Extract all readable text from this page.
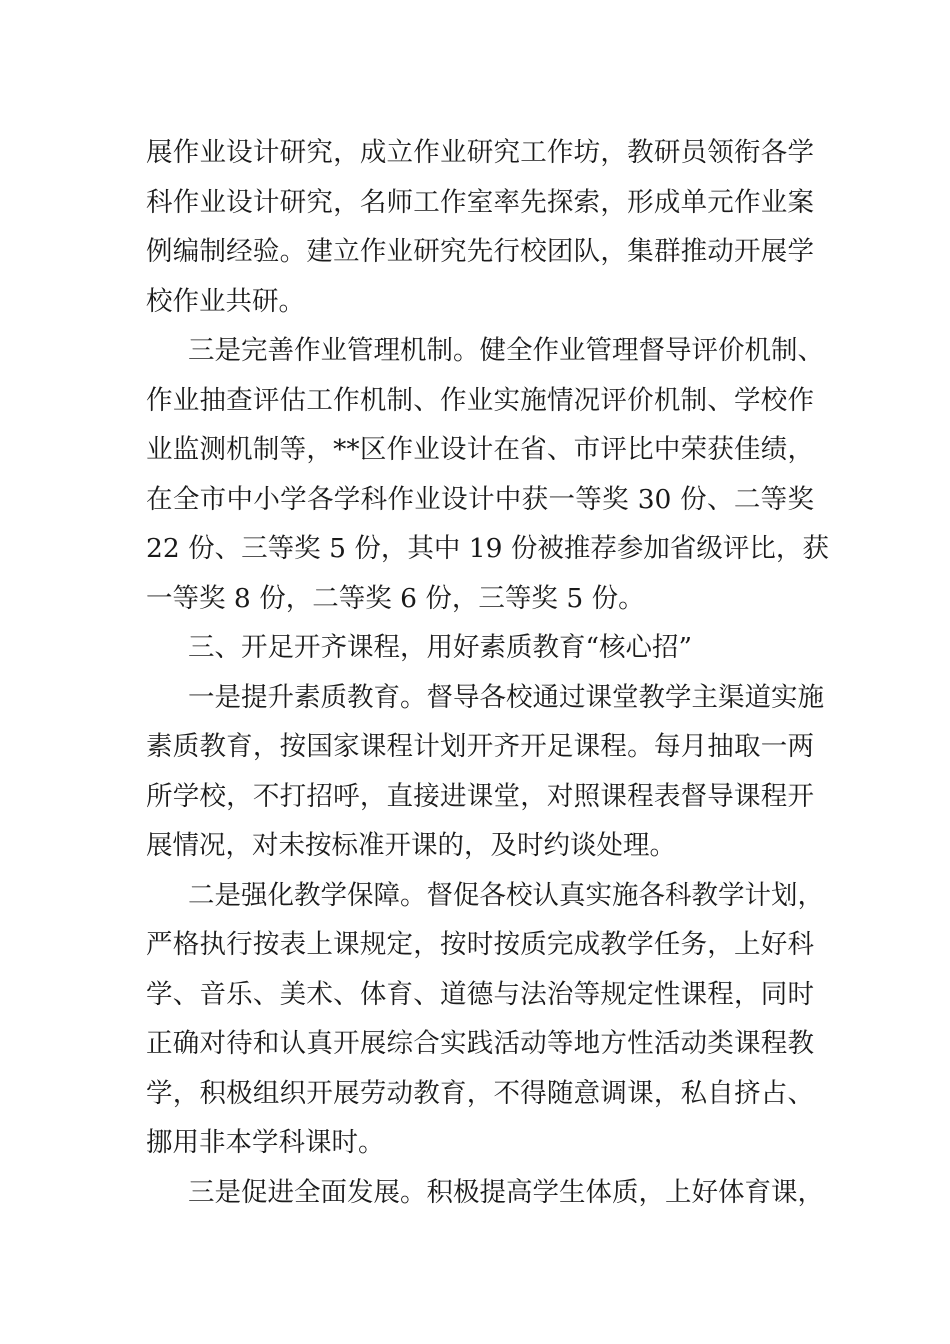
展作业设计研究，成立作业研究工作坊，教研员领衔各学
科作业设计研究，名师工作室率先探索，形成单元作业案
例编制经验。建立作业研究先行校团队，集群推动开展学
校作业共研。
三是完善作业管理机制。健全作业管理督导评价机制、
作业抽查评估工作机制、作业实施情况评价机制、学校作
业监测机制等，**区作业设计在省、市评比中荣获佳绩，
在全市中小学各学科作业设计中获一等奖 30 份、二等奖
22 份、三等奖 5 份，其中 19 份被推荐参加省级评比，获
一等奖 8 份，二等奖 6 份，三等奖 5 份。
三、开足开齐课程，用好素质教育“核心招”
一是提升素质教育。督导各校通过课堂教学主渠道实施
素质教育，按国家课程计划开齐开足课程。每月抽取一两
所学校，不打招呼，直接进课堂，对照课程表督导课程开
展情况，对未按标准开课的，及时约谈处理。
二是强化教学保障。督促各校认真实施各科教学计划，
严格执行按表上课规定，按时按质完成教学任务，上好科
学、音乐、美术、体育、道德与法治等规定性课程，同时
正确对待和认真开展综合实践活动等地方性活动类课程教
学，积极组织开展劳动教育，不得随意调课，私自挤占、
挪用非本学科课时。
三是促进全面发展。积极提高学生体质，上好体育课，
